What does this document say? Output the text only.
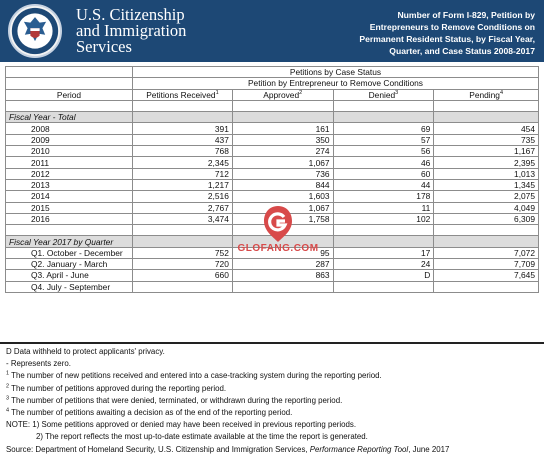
U.S. Citizenship
and Immigration
Services
Number of Form I-829, Petition by
Entrepreneurs to Remove Conditions on
Permanent Resident Status, by Fiscal Year,
Quarter, and Case Status 2008-2017
	Petitions by Case Status			
	Petition by Entrepreneur to Remove Conditions			
Period	Petitions Received$^1$	Approved$^2$	Denied$^3$	Pending$^4$

Fiscal Year - Total				
2008	391	161	69	454
2009	437	350	57	735
2010	768	274	56	1,167
2011	2,345	1,067	46	2,395
2012	712	736	60	1,013
2013	1,217	844	44	1,345
2014	2,516	1,603	178	2,075
2015	2,767	1,067	11	4,049
2016	3,474	1,758	102	6,309

Fiscal Year 2017 by Quarter				
Q1. October - December	752	95	17	7,072
Q2. January - March	720	287	24	7,709
Q3. April - June	660	863	D	7,645
Q4. July - September				
GLOFANG.COM
D Data withheld to protect applicants' privacy.
- Represents zero.
$^1$ The number of new petitions received and entered into a case-tracking system during the reporting period.
$^2$ The number of petitions approved during the reporting period.
$^3$ The number of petitions that were denied, terminated, or withdrawn during the reporting period.
$^4$ The number of petitions awaiting a decision as of the end of the reporting period.
NOTE: 1) Some petitions approved or denied may have been received in previous reporting periods.
2) The report reflects the most up-to-date estimate available at the time the report is generated.
Source: Department of Homeland Security, U.S. Citizenship and Immigration Services, Performance Reporting Tool, June 2017
